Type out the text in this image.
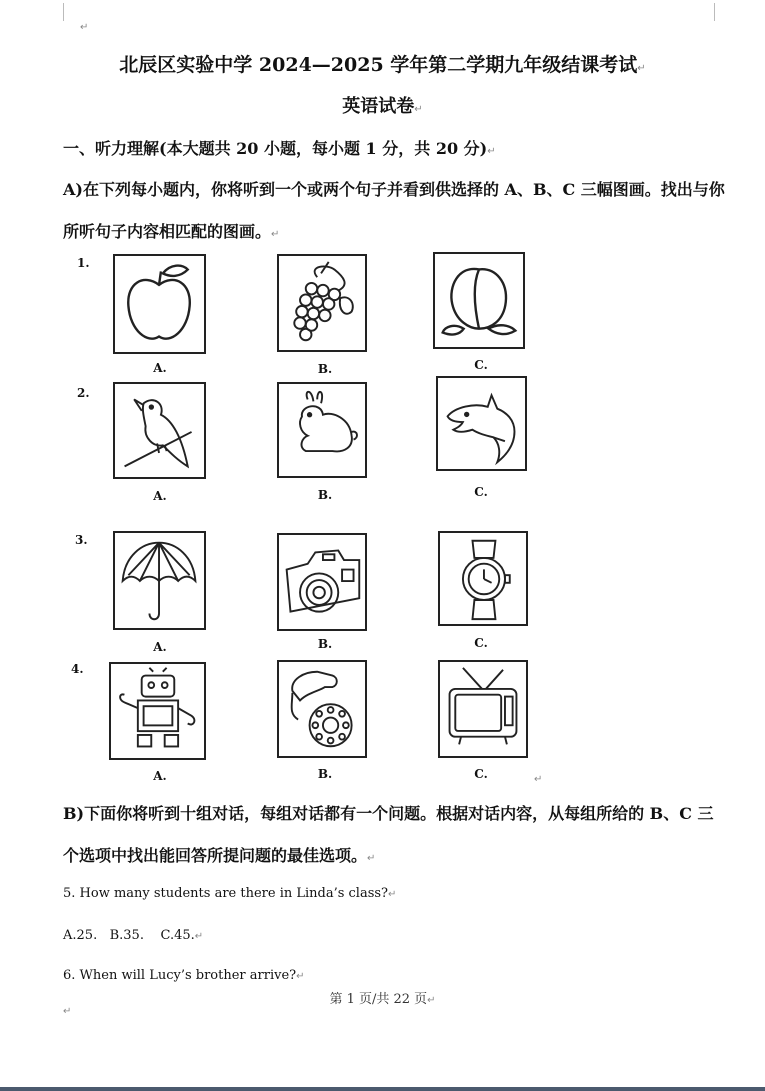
↵
北辰区实验中学 2024—2025 学年第二学期九年级结课考试↵
英语试卷↵
一、听力理解(本大题共 20 小题，每小题 1 分，共 20 分)↵
A)在下列每小题内，你将听到一个或两个句子并看到供选择的 A、B、C 三幅图画。找出与你
所听句子内容相匹配的图画。↵
1.
A.	B.	C.
2.
A.	B.	C.
3.
A.	B.	C.
4.
A.	B.	C.	↵
B)下面你将听到十组对话，每组对话都有一个问题。根据对话内容，从每组所给的 B、C 三
个选项中找出能回答所提问题的最佳选项。↵
5. How many students are there in Linda’s class?↵
A.25.   B.35.    C.45.↵
6. When will Lucy’s brother arrive?↵
第 1 页/共 22 页↵
↵
